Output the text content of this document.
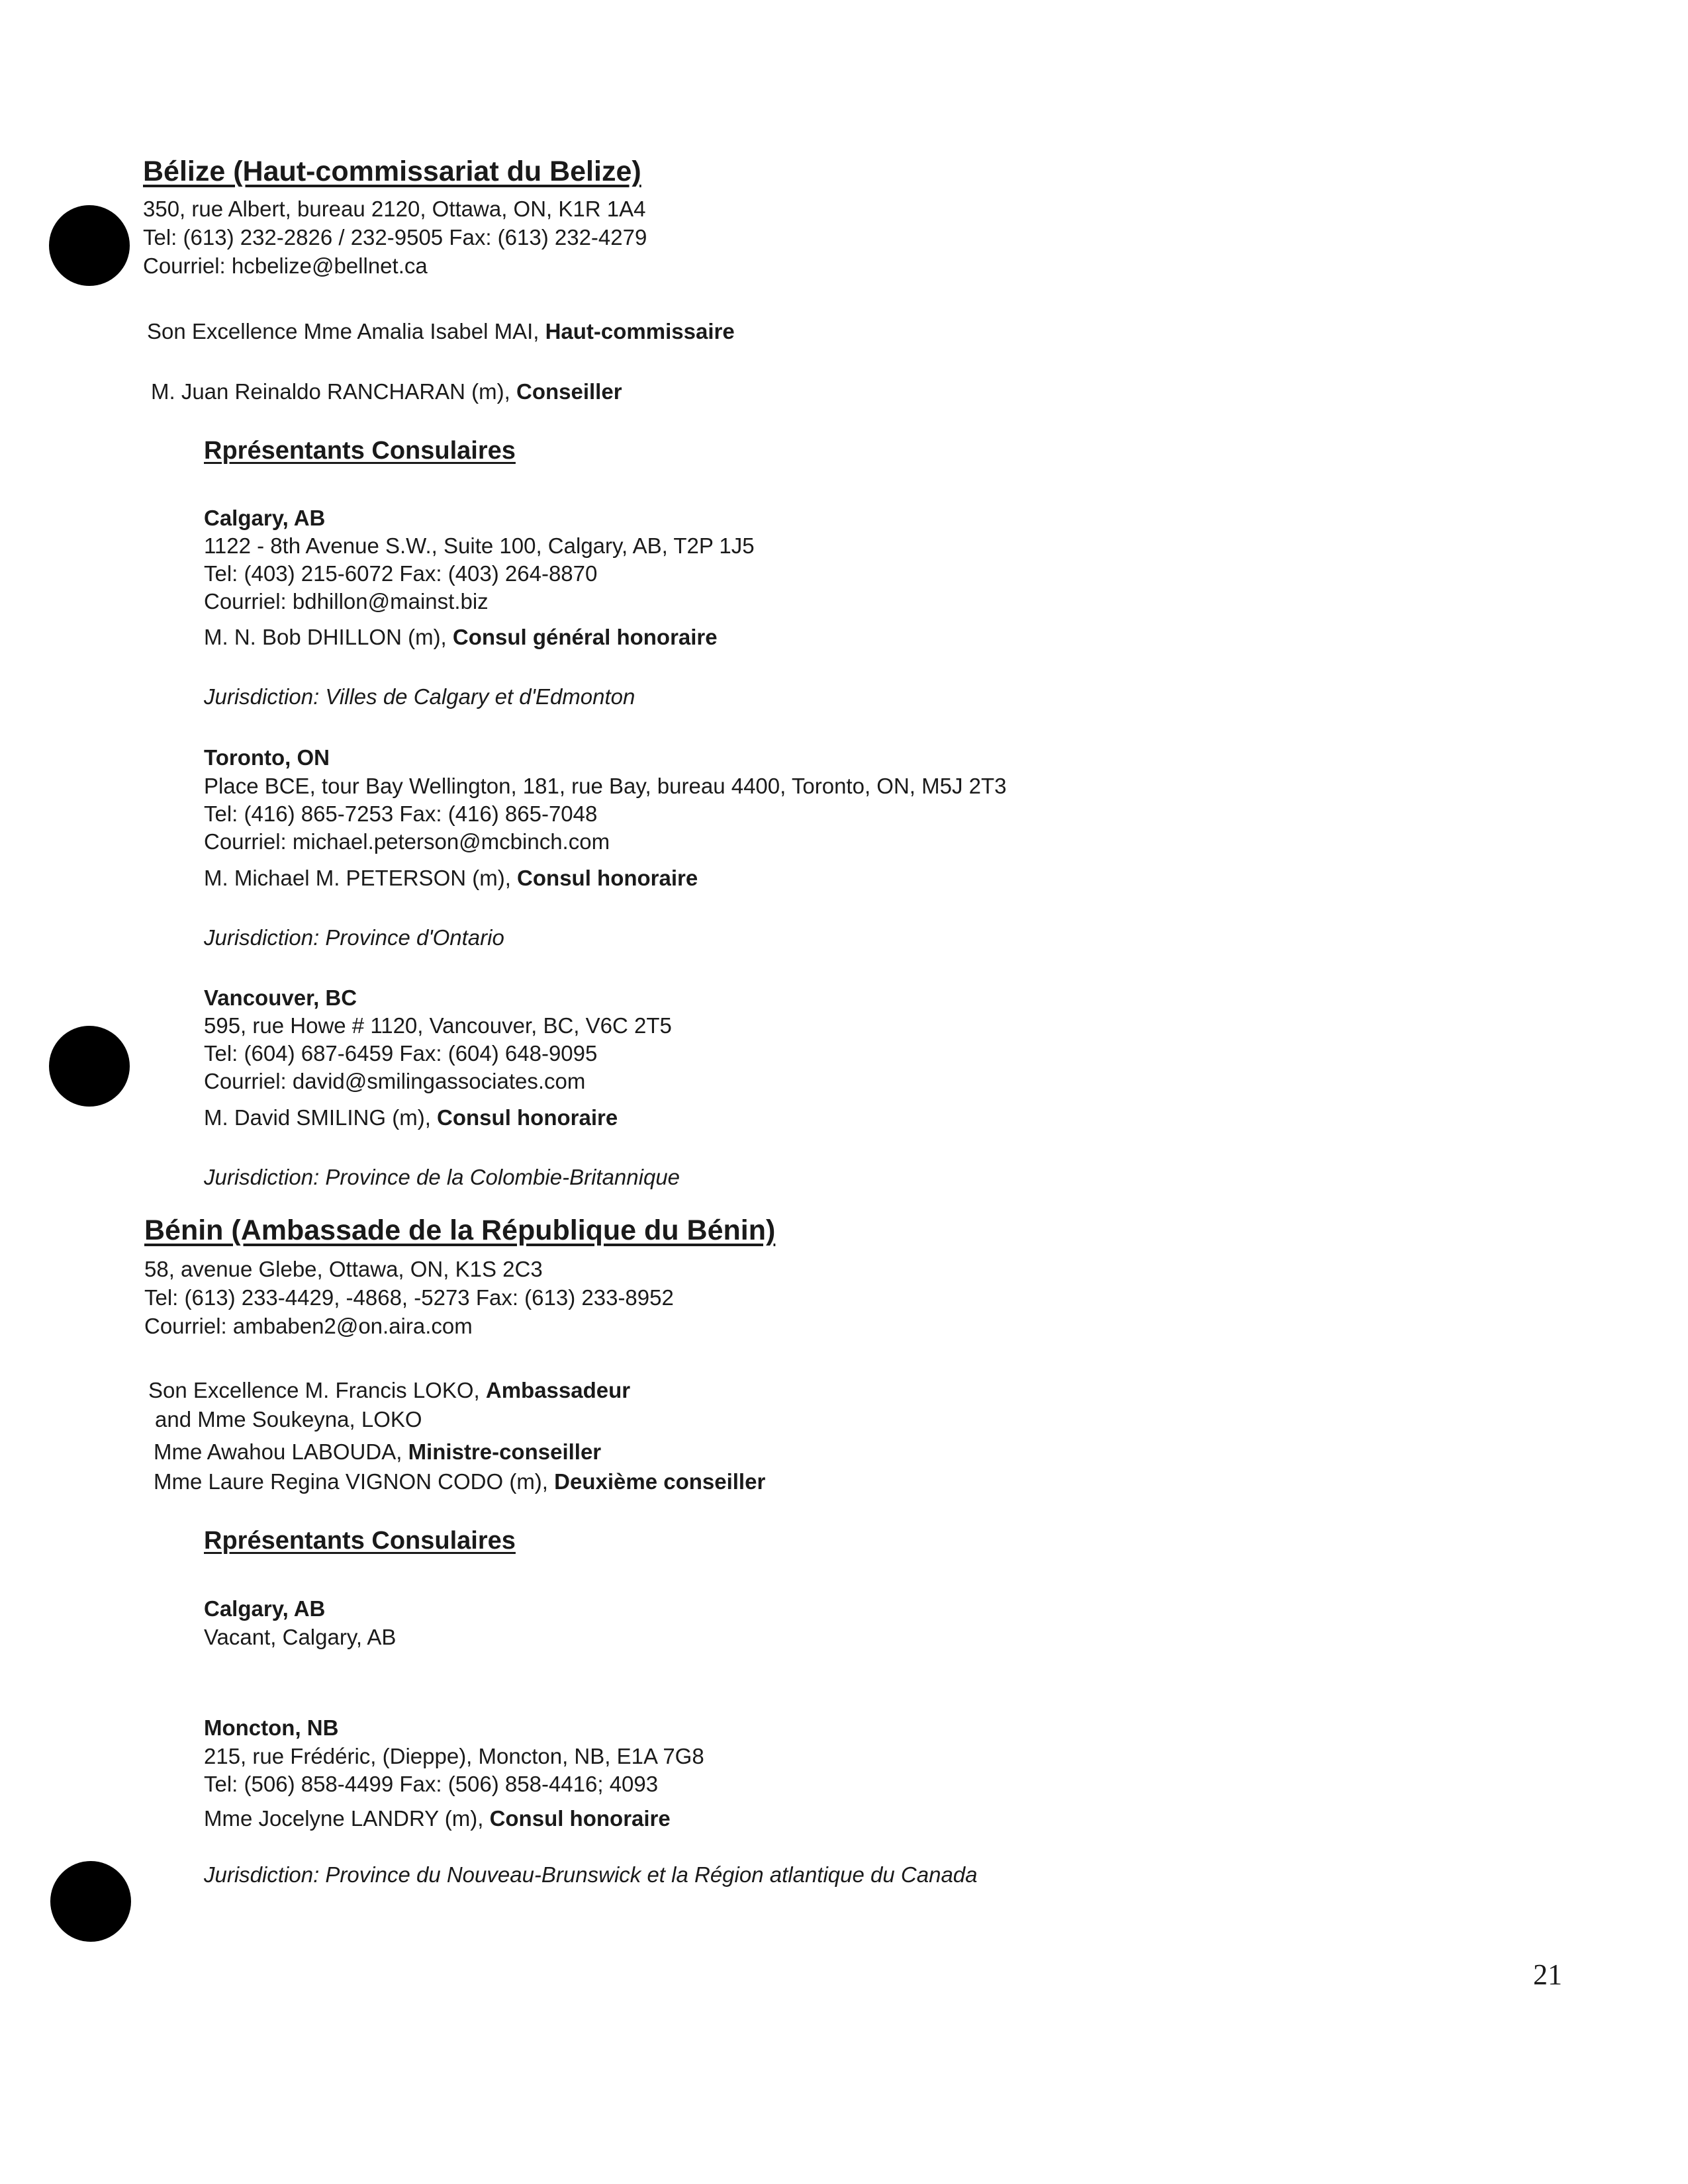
Bélize (Haut-commissariat du Belize)
350, rue Albert, bureau 2120, Ottawa, ON, K1R 1A4
Tel: (613) 232-2826 / 232-9505 Fax: (613) 232-4279
Courriel: hcbelize@bellnet.ca
Son Excellence Mme Amalia Isabel MAI, Haut-commissaire
M. Juan Reinaldo RANCHARAN (m), Conseiller
Rprésentants Consulaires
Calgary, AB
1122 - 8th Avenue S.W., Suite 100, Calgary, AB, T2P 1J5
Tel: (403) 215-6072 Fax: (403) 264-8870
Courriel: bdhillon@mainst.biz
M. N. Bob DHILLON (m), Consul général honoraire
Jurisdiction: Villes de Calgary et d'Edmonton
Toronto, ON
Place BCE, tour Bay Wellington, 181, rue Bay, bureau 4400, Toronto, ON, M5J 2T3
Tel: (416) 865-7253 Fax: (416) 865-7048
Courriel: michael.peterson@mcbinch.com
M. Michael M. PETERSON (m), Consul honoraire
Jurisdiction: Province d'Ontario
Vancouver, BC
595, rue Howe # 1120, Vancouver, BC, V6C 2T5
Tel: (604) 687-6459 Fax: (604) 648-9095
Courriel: david@smilingassociates.com
M. David SMILING (m), Consul honoraire
Jurisdiction: Province de la Colombie-Britannique
Bénin (Ambassade de la République du Bénin)
58, avenue Glebe, Ottawa, ON, K1S 2C3
Tel: (613) 233-4429, -4868, -5273 Fax: (613) 233-8952
Courriel: ambaben2@on.aira.com
Son Excellence M. Francis LOKO, Ambassadeur
and Mme Soukeyna, LOKO
Mme Awahou LABOUDA, Ministre-conseiller
Mme Laure Regina VIGNON CODO (m), Deuxième conseiller
Rprésentants Consulaires
Calgary, AB
Vacant, Calgary, AB
Moncton, NB
215, rue Frédéric, (Dieppe), Moncton, NB, E1A 7G8
Tel: (506) 858-4499 Fax: (506) 858-4416; 4093
Mme Jocelyne LANDRY (m), Consul honoraire
Jurisdiction: Province du Nouveau-Brunswick et la Région atlantique du Canada
21
